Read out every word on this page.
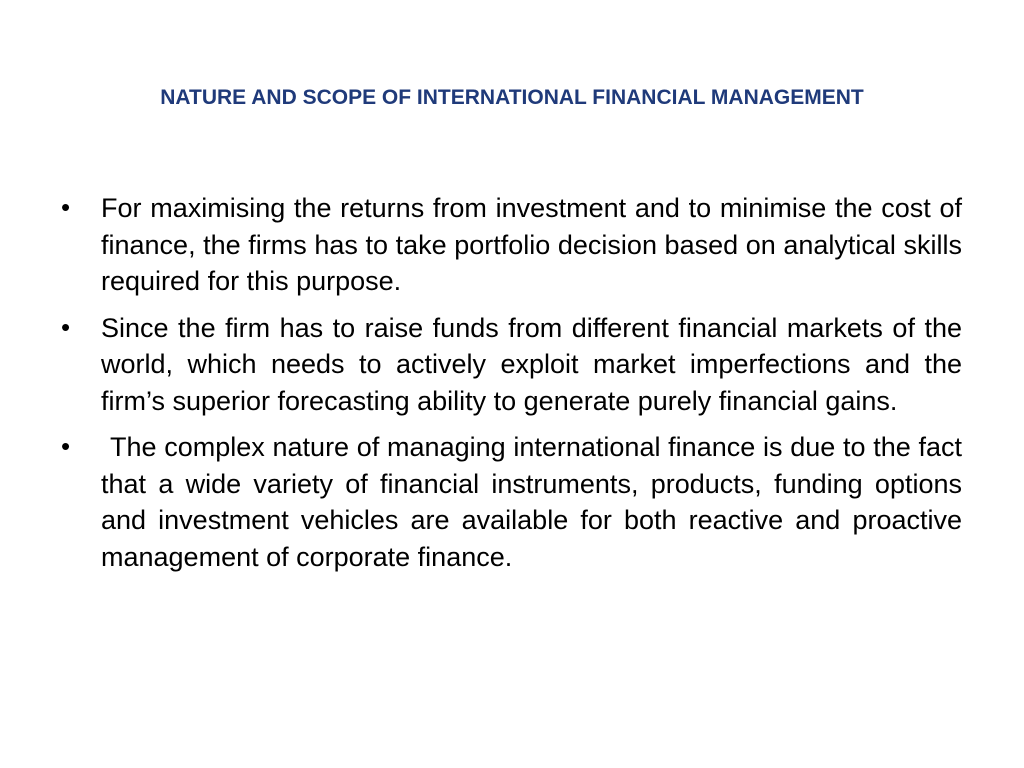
NATURE AND SCOPE OF INTERNATIONAL FINANCIAL MANAGEMENT
• For maximising the returns from investment and to minimise the cost of finance, the firms has to take portfolio decision based on analytical skills required for this purpose.
• Since the firm has to raise funds from different financial markets of the world, which needs to actively exploit market imperfections and the firm’s superior forecasting ability to generate purely financial gains.
•	The complex nature of managing international finance is due to the fact that a wide variety of financial instruments, products, funding options and investment vehicles are available for both reactive and proactive management of corporate finance.
